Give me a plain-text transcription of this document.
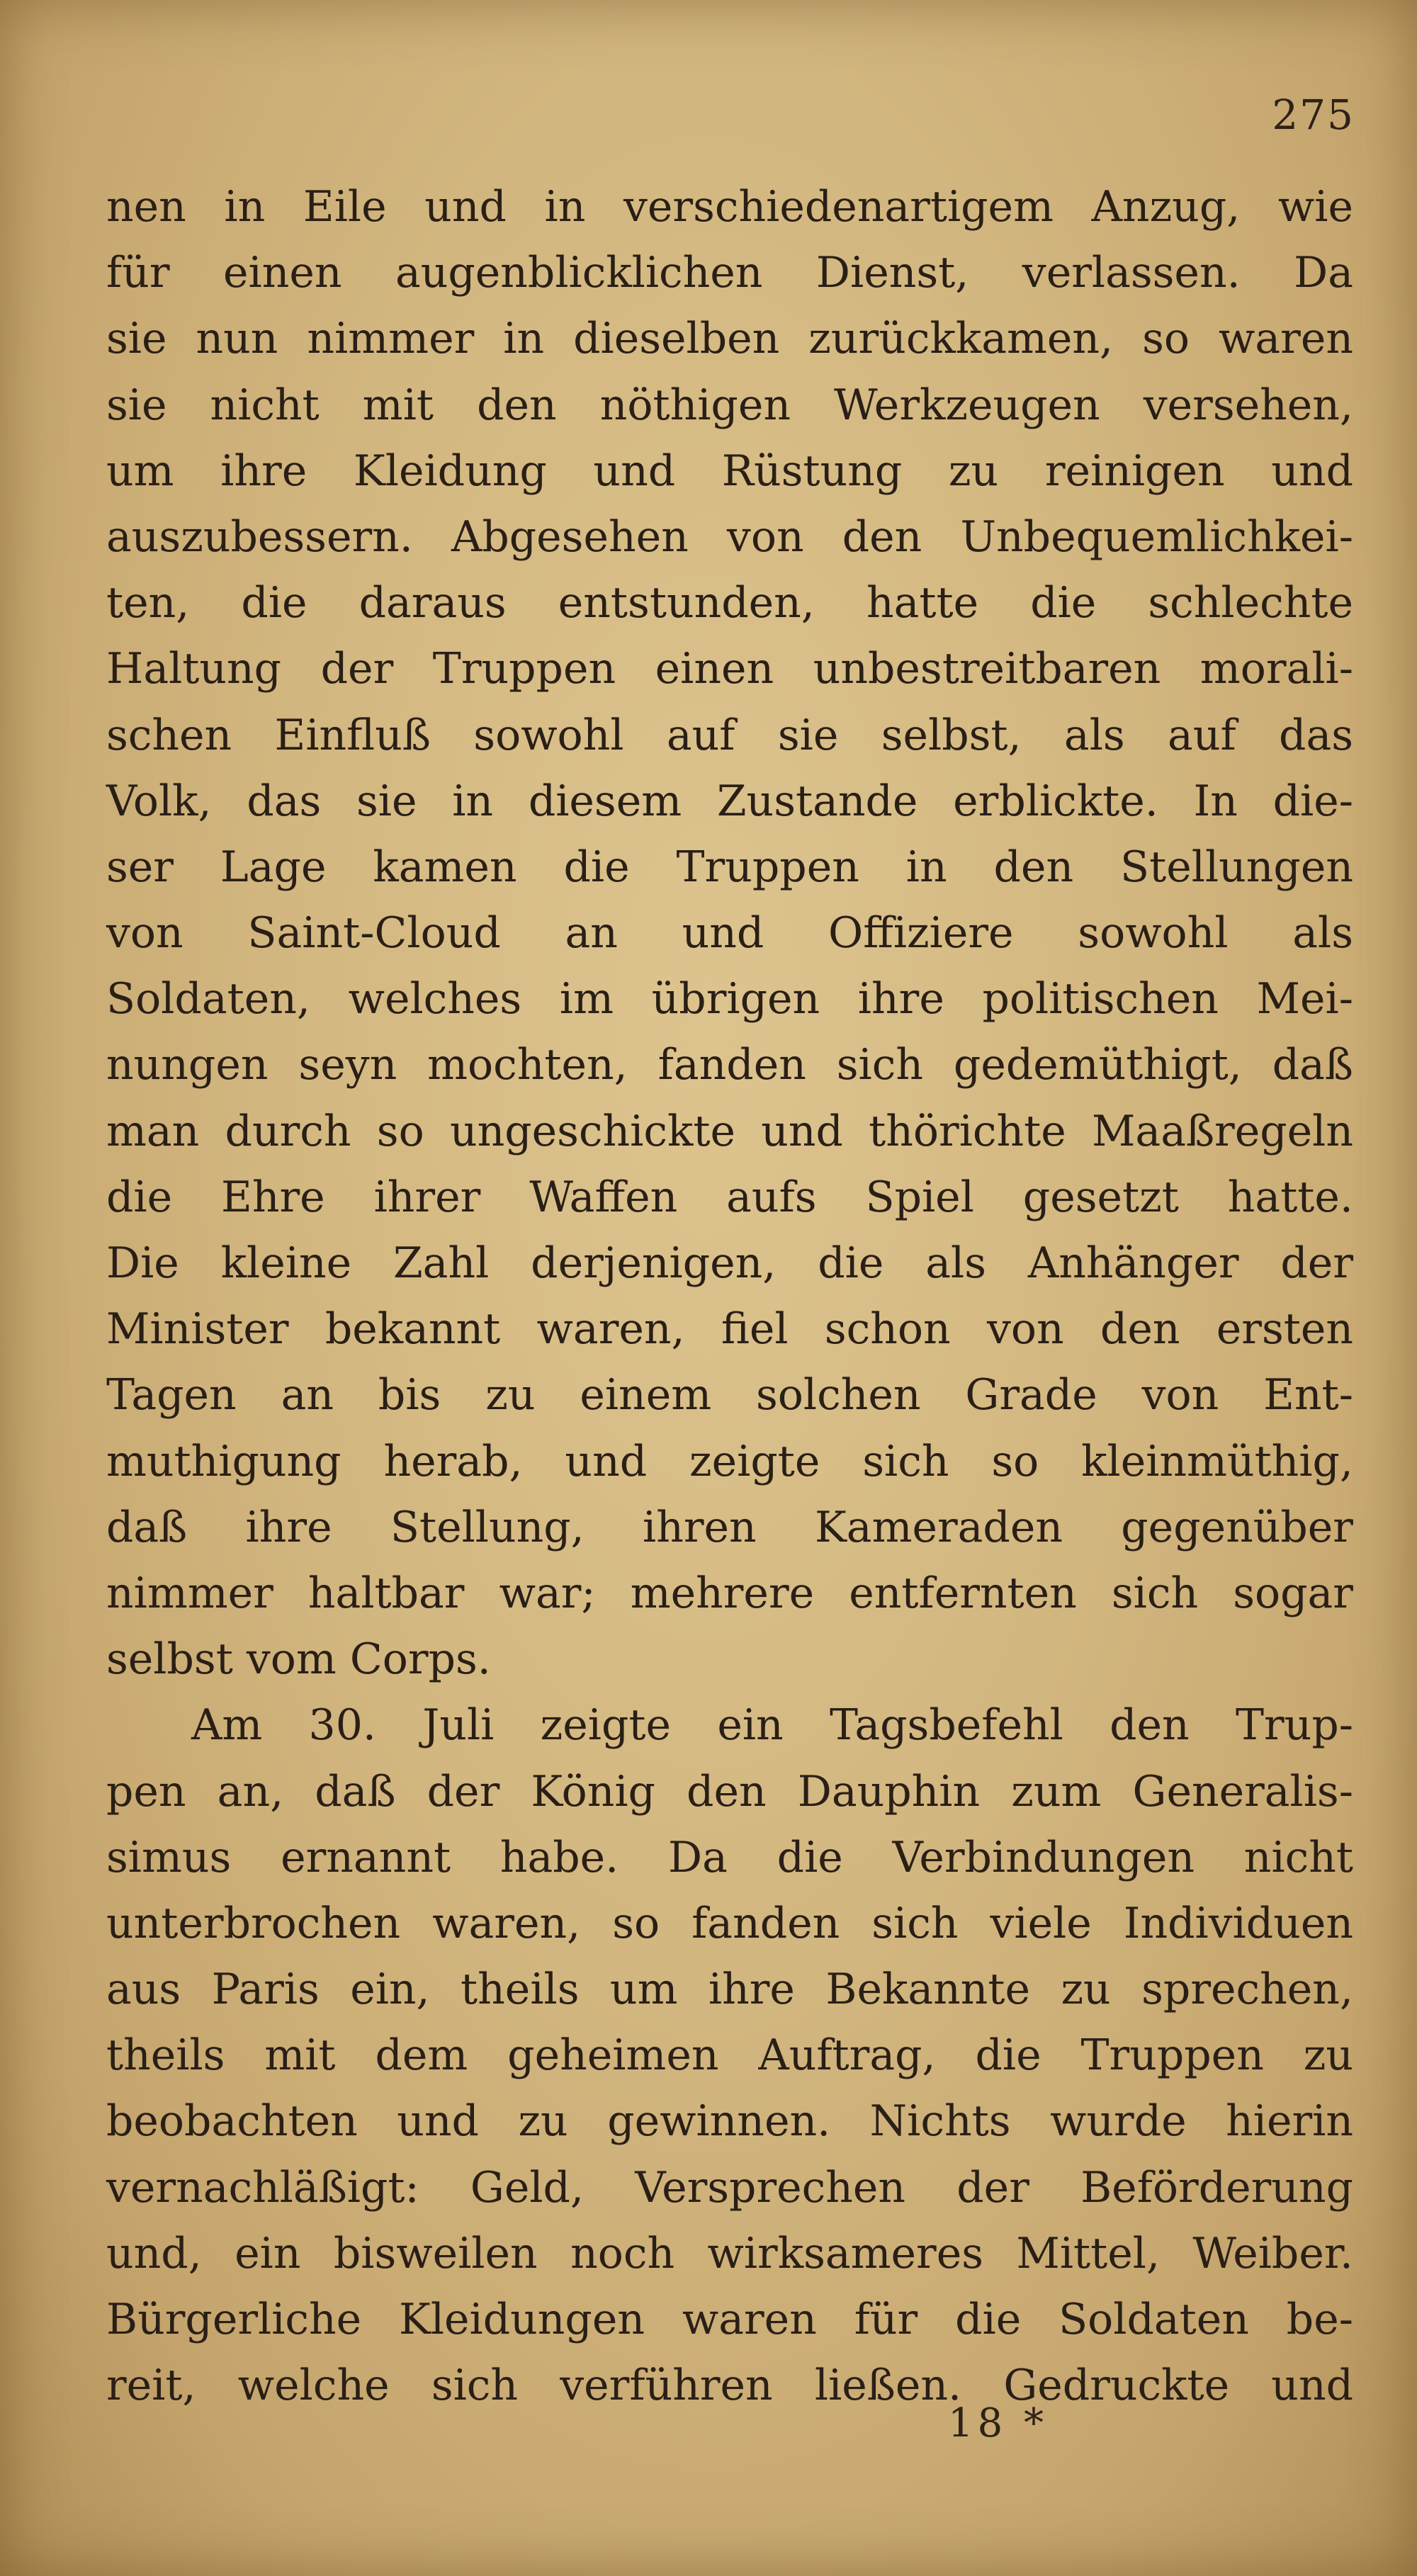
275
nen in Eile und in verschiedenartigem Anzug, wie
für einen augenblicklichen Dienst, verlassen. Da
sie nun nimmer in dieselben zurückkamen, so waren
sie nicht mit den nöthigen Werkzeugen versehen,
um ihre Kleidung und Rüstung zu reinigen und
auszubessern. Abgesehen von den Unbequemlichkei-
ten, die daraus entstunden, hatte die schlechte
Haltung der Truppen einen unbestreitbaren morali-
schen Einfluß sowohl auf sie selbst, als auf das
Volk, das sie in diesem Zustande erblickte. In die-
ser Lage kamen die Truppen in den Stellungen
von Saint-Cloud an und Offiziere sowohl als
Soldaten, welches im übrigen ihre politischen Mei-
nungen seyn mochten, fanden sich gedemüthigt, daß
man durch so ungeschickte und thörichte Maaßregeln
die Ehre ihrer Waffen aufs Spiel gesetzt hatte.
Die kleine Zahl derjenigen, die als Anhänger der
Minister bekannt waren, fiel schon von den ersten
Tagen an bis zu einem solchen Grade von Ent-
muthigung herab, und zeigte sich so kleinmüthig,
daß ihre Stellung, ihren Kameraden gegenüber
nimmer haltbar war; mehrere entfernten sich sogar
selbst vom Corps.
Am 30. Juli zeigte ein Tagsbefehl den Trup-
pen an, daß der König den Dauphin zum Generalis-
simus ernannt habe. Da die Verbindungen nicht
unterbrochen waren, so fanden sich viele Individuen
aus Paris ein, theils um ihre Bekannte zu sprechen,
theils mit dem geheimen Auftrag, die Truppen zu
beobachten und zu gewinnen. Nichts wurde hierin
vernachläßigt: Geld, Versprechen der Beförderung
und, ein bisweilen noch wirksameres Mittel, Weiber.
Bürgerliche Kleidungen waren für die Soldaten be-
reit, welche sich verführen ließen. Gedruckte und
18 *
